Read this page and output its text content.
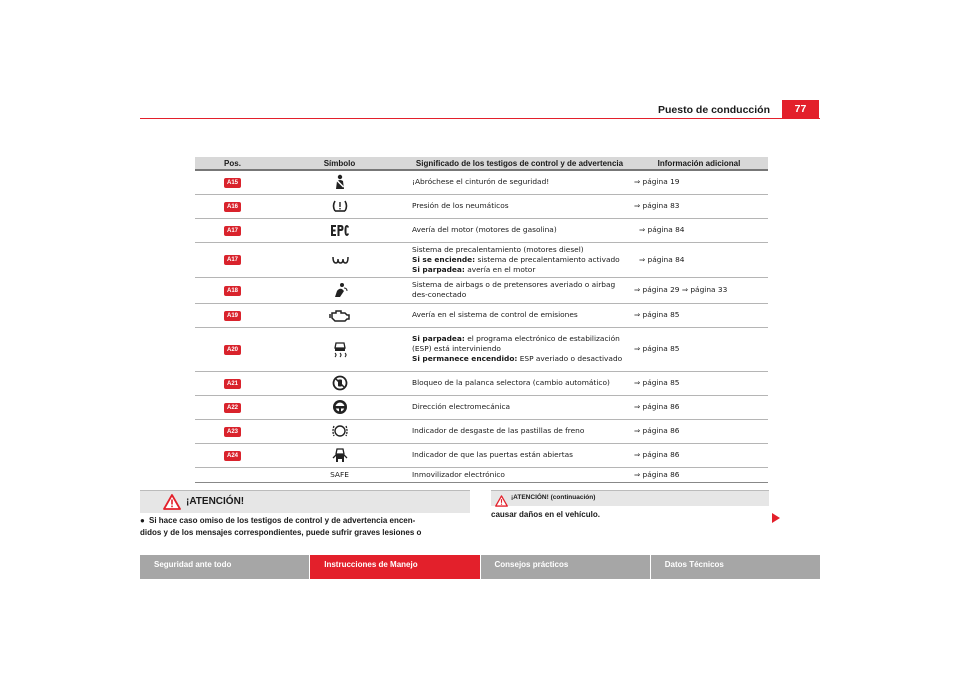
Puesto de conducción	77
Pos.	Símbolo	Significado de los testigos de control y de advertencia	Información adicional
A15		¡Abróchese el cinturón de seguridad!	⇒ página 19
A16		Presión de los neumáticos	⇒ página 83
A17		Avería del motor (motores de gasolina)	⇒ página 84
A17		Sistema de precalentamiento (motores diesel)
Si se enciende: sistema de precalentamiento activado
Si parpadea: avería en el motor	⇒ página 84
A18		Sistema de airbags o de pretensores averiado o airbag des-conectado	⇒ página 29 ⇒ página 33
A19		Avería en el sistema de control de emisiones	⇒ página 85
A20		Si parpadea: el programa electrónico de estabilización (ESP) está interviniendo
Si permanece encendido: ESP averiado o desactivado	⇒ página 85
A21		Bloqueo de la palanca selectora (cambio automático)	⇒ página 85
A22		Dirección electromecánica	⇒ página 86
A23		Indicador de desgaste de las pastillas de freno	⇒ página 86
A24		Indicador de que las puertas están abiertas	⇒ página 86
	SAFE	Inmovilizador electrónico	⇒ página 86
¡ATENCIÓN!
● Si hace caso omiso de los testigos de control y de advertencia encen-
didos y de los mensajes correspondientes, puede sufrir graves lesiones o
¡ATENCIÓN! (continuación)
causar daños en el vehículo.
Seguridad ante todo	Instrucciones de Manejo	Consejos prácticos	Datos Técnicos
